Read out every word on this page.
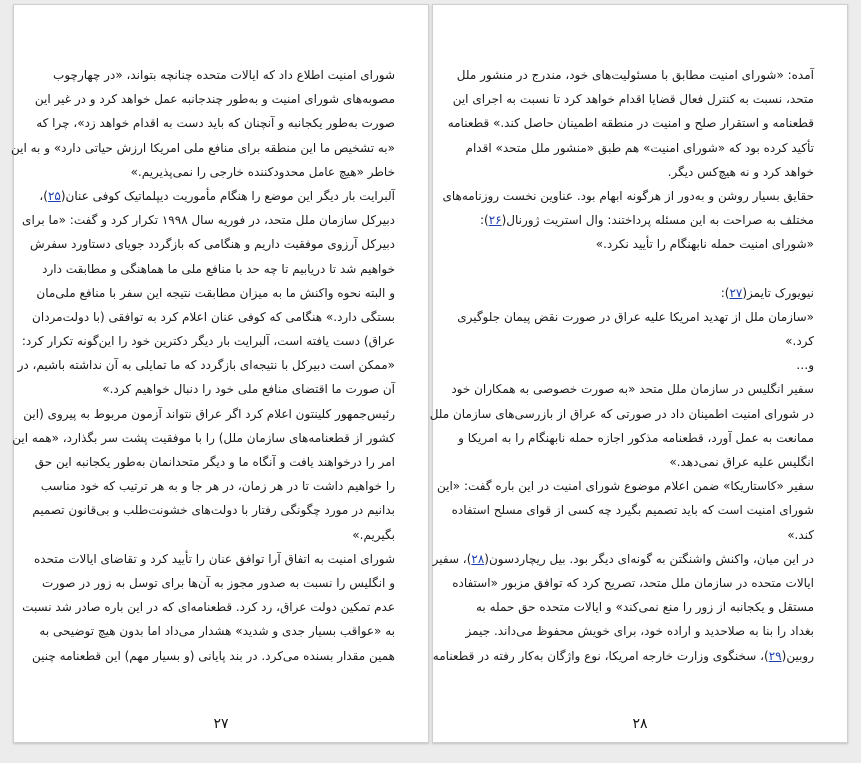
شورای امنیت اطلاع داد که ایالات متحده چنانچه بتواند، «در چهارچوب
مصوبه‌های شورای امنیت و به‌طور چندجانبه عمل خواهد کرد و در غیر این
صورت به‌طور یکجانبه و آنچنان که باید دست به اقدام خواهد زد»، چرا که
«به تشخیص ما این منطقه برای منافع ملی امریکا ارزش حیاتی دارد» و به این
خاطر «هیچ عامل محدودکننده خارجی را نمی‌پذیریم.»
آلبرایت بار دیگر این موضع را هنگام مأموریت دیپلماتیک کوفی عنان(۲۵)،
دبیرکل سازمان ملل متحد، در فوریه سال ۱۹۹۸ تکرار کرد و گفت: «ما برای
دبیرکل آرزوی موفقیت داریم و هنگامی که بازگردد جویای دستاورد سفرش
خواهیم شد تا دریابیم تا چه حد با منافع ملی ما هماهنگی و مطابقت دارد
و البته نحوه واکنش ما به میزان مطابقت نتیجه این سفر با منافع ملی‌مان
بستگی دارد.» هنگامی که کوفی عنان اعلام کرد به توافقی (با دولت‌مردان
عراق) دست یافته است، آلبرایت بار دیگر دکترین خود را این‌گونه تکرار کرد:
«ممکن است دبیرکل با نتیجه‌ای بازگردد که ما تمایلی به آن نداشته باشیم، در
آن صورت ما اقتضای منافع ملی خود را دنبال خواهیم کرد.»
رئیس‌جمهور کلینتون اعلام کرد اگر عراق نتواند آزمون مربوط به پیروی (این
کشور از قطعنامه‌های سازمان ملل) را با موفقیت پشت سر بگذارد، «همه این
امر را درخواهند یافت و آنگاه ما و دیگر متحدانمان به‌طور یکجانبه این حق
را خواهیم داشت تا در هر زمان، در هر جا و به هر ترتیب که خود مناسب
بدانیم در مورد چگونگی رفتار با دولت‌های خشونت‌طلب و بی‌قانون تصمیم
بگیریم.»
شورای امنیت به اتفاق آرا توافق عنان را تأیید کرد و تقاضای ایالات متحده
و انگلیس را نسبت به صدور مجوز به آن‌ها برای توسل به زور در صورت
عدم تمکین دولت عراق، رد کرد. قطعنامه‌ای که در این باره صادر شد نسبت
به «عواقب بسیار جدی و شدید» هشدار می‌داد اما بدون هیچ توضیحی به
همین مقدار بسنده می‌کرد. در بند پایانی (و بسیار مهم) این قطعنامه چنین
۲۷
آمده: «شورای امنیت مطابق با مسئولیت‌های خود، مندرج در منشور ملل
متحد، نسبت به کنترل فعال قضایا اقدام خواهد کرد تا نسبت به اجرای این
قطعنامه و استقرار صلح و امنیت در منطقه اطمینان حاصل کند.» قطعنامه
تأکید کرده بود که «شورای امنیت» هم طبق «منشور ملل متحد» اقدام
خواهد کرد و نه هیچ‌کس دیگر.
حقایق بسیار روشن و به‌دور از هرگونه ابهام بود. عناوین نخست روزنامه‌های
مختلف به صراحت به این مسئله پرداختند: وال استریت ژورنال(۲۶):
«شورای امنیت حمله نابهنگام را تأیید نکرد.»
نیویورک تایمز(۲۷):
«سازمان ملل از تهدید امریکا علیه عراق در صورت نقض پیمان جلوگیری
کرد.»
و…
سفیر انگلیس در سازمان ملل متحد «به صورت خصوصی به همکاران خود
در شورای امنیت اطمینان داد در صورتی که عراق از بازرسی‌های سازمان ملل
ممانعت به عمل آورد، قطعنامه مذکور اجازه حمله نابهنگام را به امریکا و
انگلیس علیه عراق نمی‌دهد.»
سفیر «کاستاریکا» ضمن اعلام موضوع شورای امنیت در این باره گفت: «این
شورای امنیت است که باید تصمیم بگیرد چه کسی از قوای مسلح استفاده
کند.»
در این میان، واکنش واشنگتن به گونه‌ای دیگر بود. بیل ریچاردسون(۲۸)، سفیر
ایالات متحده در سازمان ملل متحد، تصریح کرد که توافق مزبور «استفاده
مستقل و یکجانبه از زور را منع نمی‌کند» و ایالات متحده حق حمله به
بغداد را بنا به صلاحدید و اراده خود، برای خویش محفوظ می‌داند. جیمز
روبین(۲۹)، سخنگوی وزارت خارجه امریکا، نوع واژگان به‌کار رفته در قطعنامه
۲۸
